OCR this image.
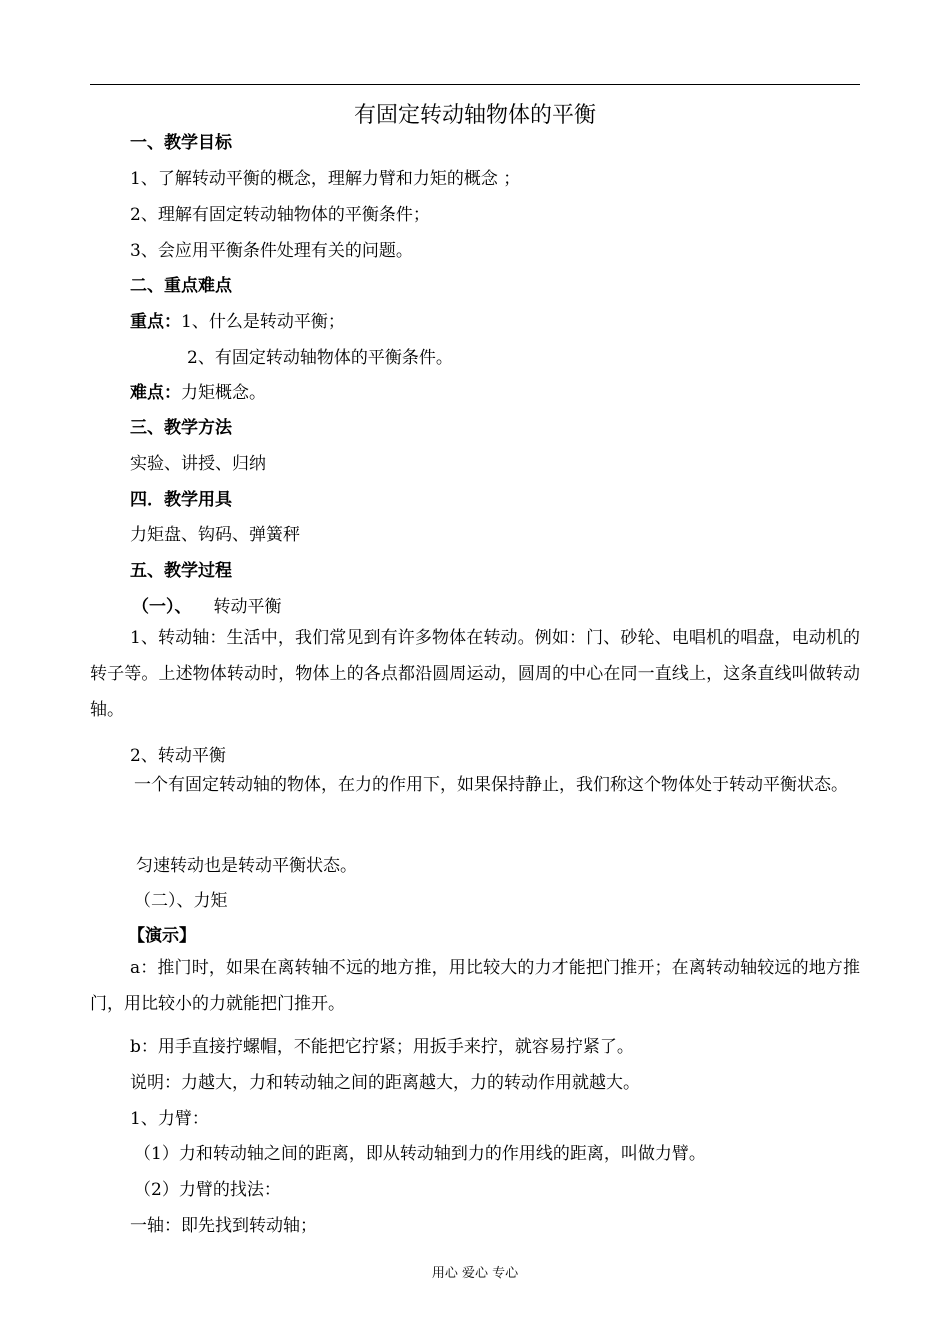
有固定转动轴物体的平衡
一、教学目标
1、了解转动平衡的概念，理解力臂和力矩的概念 ；
2、理解有固定转动轴物体的平衡条件；
3、会应用平衡条件处理有关的问题。
二、重点难点
重点：1、什么是转动平衡；
2、有固定转动轴物体的平衡条件。
难点：力矩概念。
三、教学方法
实验、讲授、归纳
四．教学用具
力矩盘、钩码、弹簧秤
五、教学过程
（一）、 转动平衡
1、转动轴：生活中，我们常见到有许多物体在转动。例如：门、砂轮、电唱机的唱盘，电动机的转子等。上述物体转动时，物体上的各点都沿圆周运动，圆周的中心在同一直线上，这条直线叫做转动轴。
2、转动平衡
一个有固定转动轴的物体，在力的作用下，如果保持静止，我们称这个物体处于转动平衡状态。
匀速转动也是转动平衡状态。
（二）、力矩
【演示】
a：推门时，如果在离转轴不远的地方推，用比较大的力才能把门推开；在离转动轴较远的地方推门，用比较小的力就能把门推开。
b：用手直接拧螺帽，不能把它拧紧；用扳手来拧，就容易拧紧了。
说明：力越大，力和转动轴之间的距离越大，力的转动作用就越大。
1、力臂：
（1）力和转动轴之间的距离，即从转动轴到力的作用线的距离，叫做力臂。
（2）力臂的找法：
一轴：即先找到转动轴；
用心 爱心 专心
